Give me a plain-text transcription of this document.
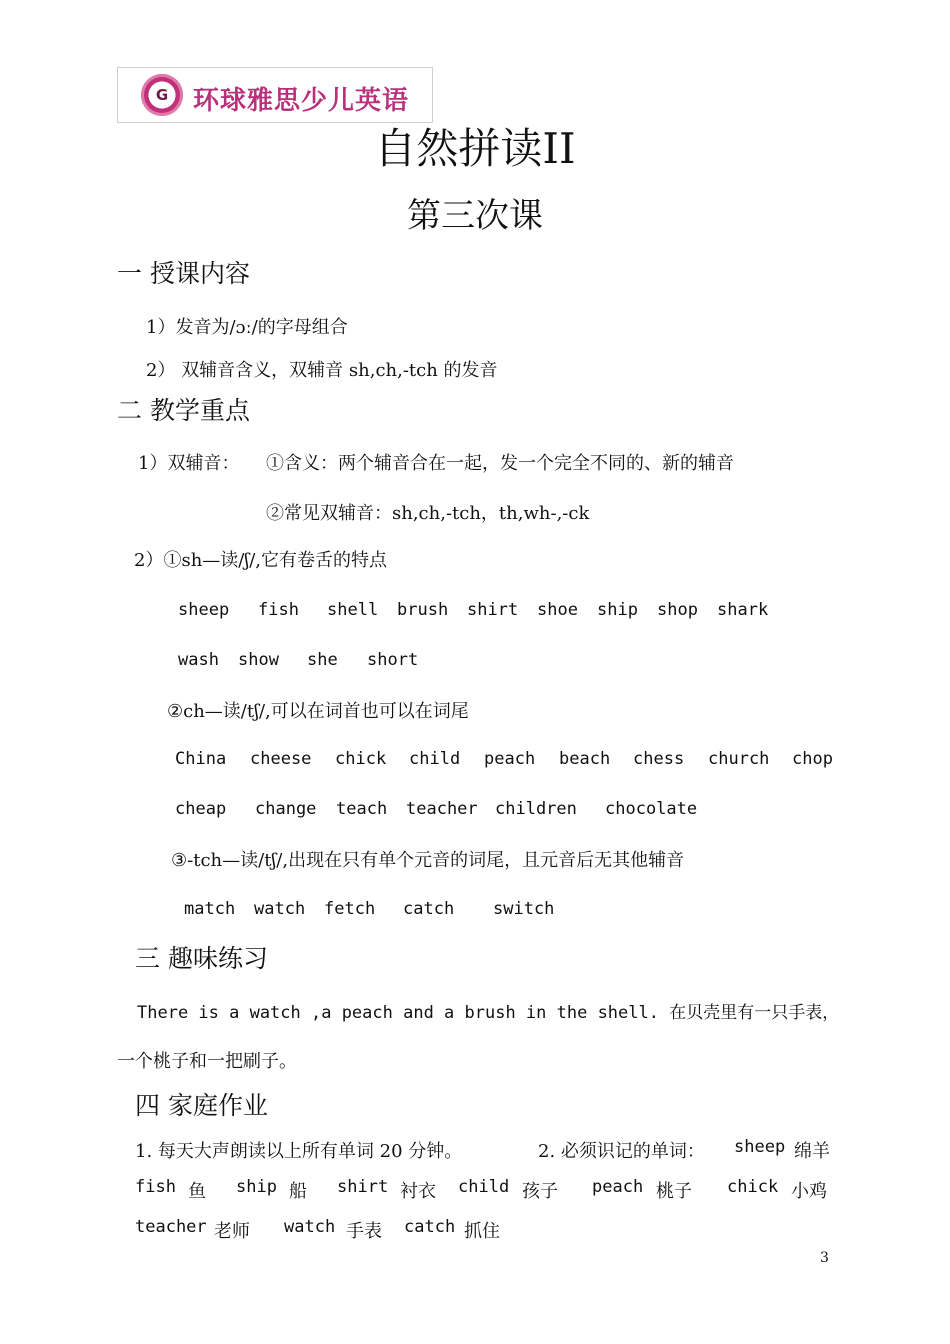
G 环球雅思少儿英语
自然拼读II
第三次课
一 授课内容
1）发音为/ɔː/的字母组合
2） 双辅音含义，双辅音 sh,ch,-tch 的发音
二 教学重点
1）双辅音： ①含义：两个辅音合在一起，发一个完全不同的、新的辅音
②常见双辅音：sh,ch,-tch，th,wh-,-ck
2）①sh—读/ʃ/,它有卷舌的特点
sheep fish shell brush shirt shoe ship shop shark
wash show she short
②ch—读/tʃ/,可以在词首也可以在词尾
China cheese chick child peach beach chess church chop
cheap change teach teacher children chocolate
③-tch—读/tʃ/,出现在只有单个元音的词尾，且元音后无其他辅音
match watch fetch catch switch
三 趣味练习
There is a watch ,a peach and a brush in the shell. 在贝壳里有一只手表，
一个桃子和一把刷子。
四 家庭作业
1. 每天大声朗读以上所有单词 20 分钟。	2. 必须识记的单词： sheep 绵羊
fish 鱼 ship 船 shirt 衬衣 child 孩子 peach 桃子 chick 小鸡
teacher 老师 watch 手表 catch 抓住
3
